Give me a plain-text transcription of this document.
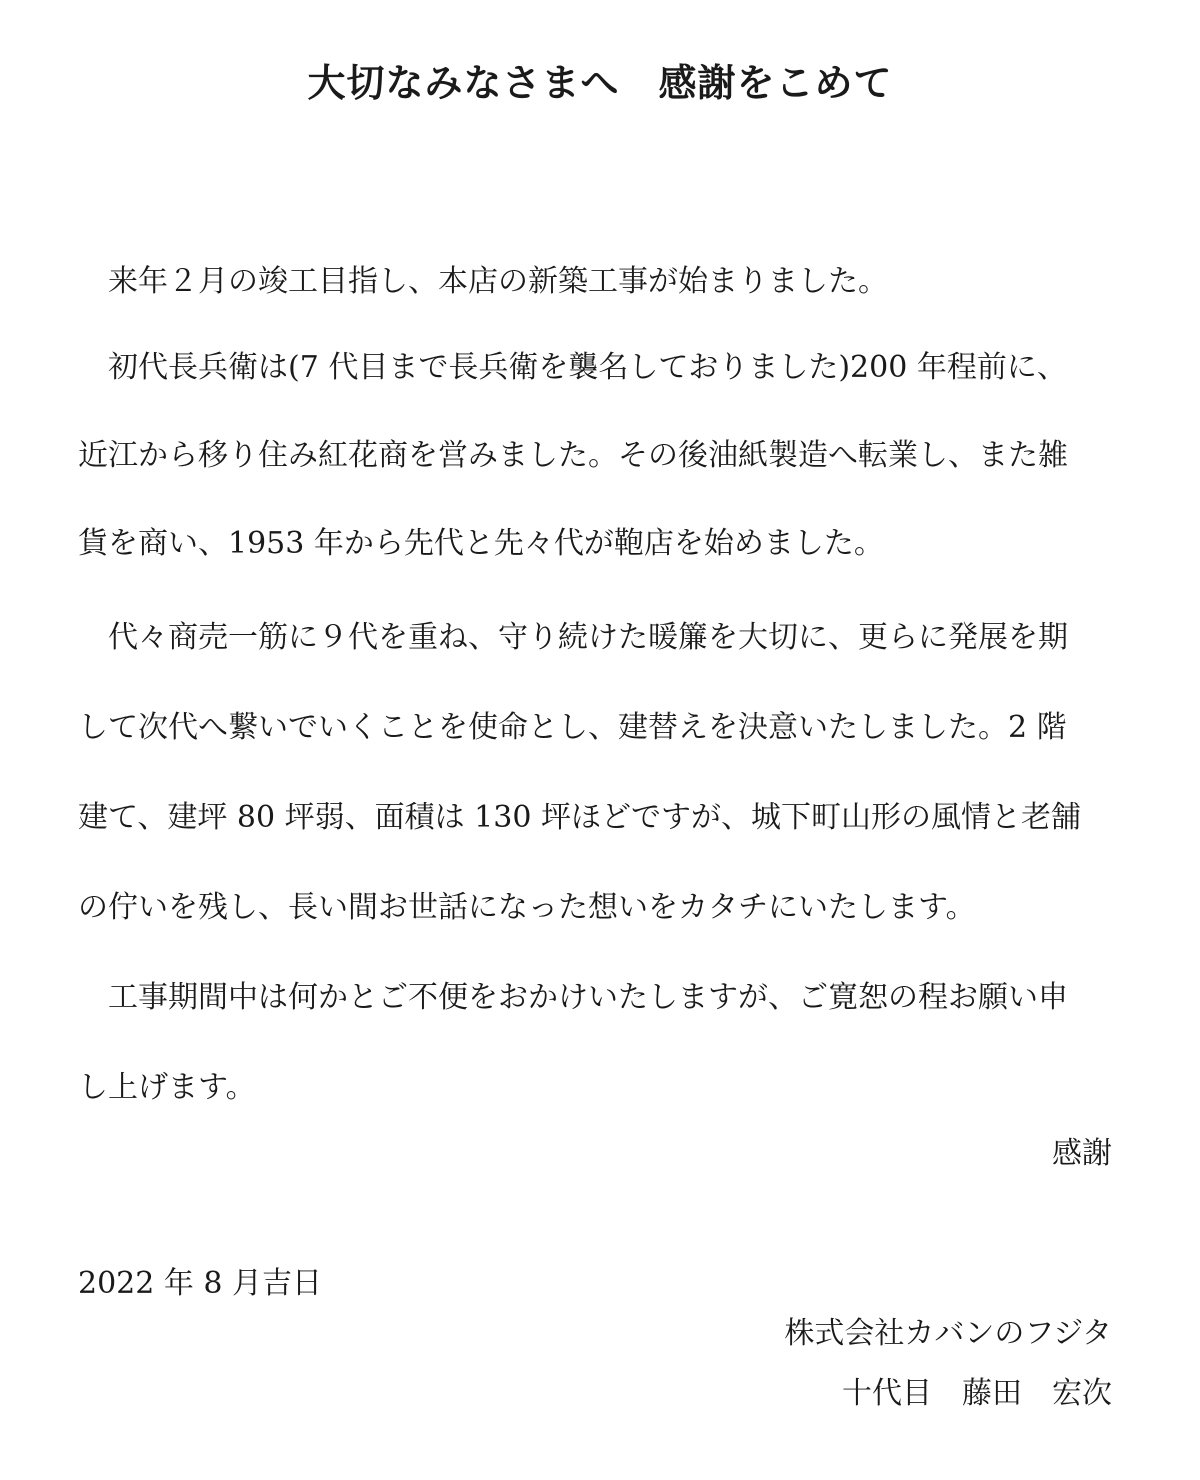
大切なみなさまへ　感謝をこめて

　来年２月の竣工目指し、本店の新築工事が始まりました。

　初代長兵衛は(7 代目まで長兵衛を襲名しておりました)200 年程前に、

近江から移り住み紅花商を営みました。その後油紙製造へ転業し、また雑

貨を商い、1953 年から先代と先々代が鞄店を始めました。

　代々商売一筋に９代を重ね、守り続けた暖簾を大切に、更らに発展を期

して次代へ繋いでいくことを使命とし、建替えを決意いたしました。2 階

建て、建坪 80 坪弱、面積は 130 坪ほどですが、城下町山形の風情と老舗

の佇いを残し、長い間お世話になった想いをカタチにいたします。

　工事期間中は何かとご不便をおかけいたしますが、ご寛恕の程お願い申

し上げます。

感謝

2022 年 8 月吉日
株式会社カバンのフジタ
十代目　藤田　宏次
